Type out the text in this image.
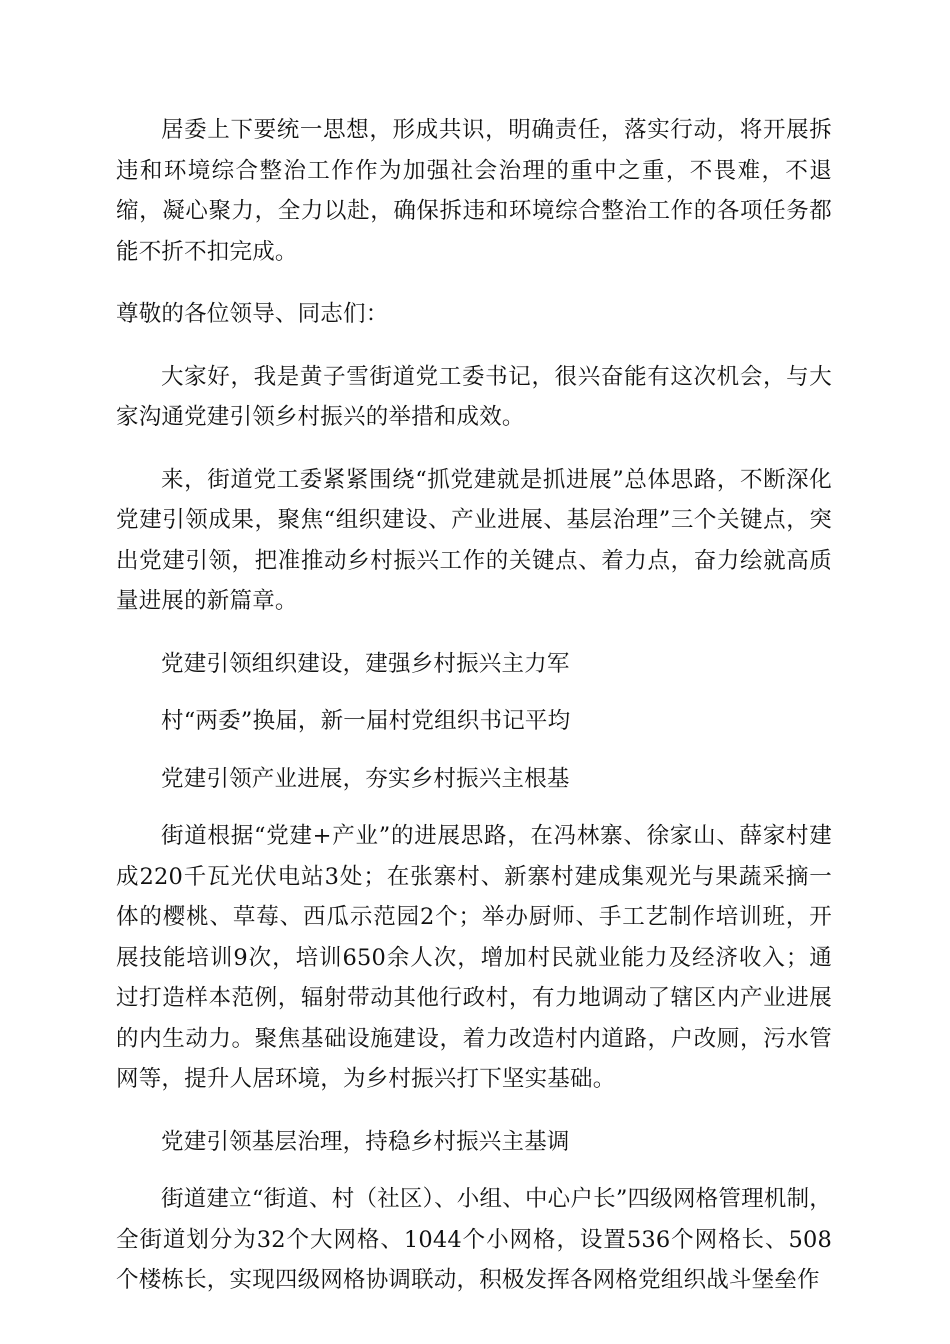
居委上下要统一思想，形成共识，明确责任，落实行动，将开展拆违和环境综合整治工作作为加强社会治理的重中之重，不畏难，不退缩，凝心聚力，全力以赴，确保拆违和环境综合整治工作的各项任务都能不折不扣完成。

尊敬的各位领导、同志们：

大家好，我是黄子雪街道党工委书记，很兴奋能有这次机会，与大家沟通党建引领乡村振兴的举措和成效。

来，街道党工委紧紧围绕“抓党建就是抓进展”总体思路，不断深化党建引领成果，聚焦“组织建设、产业进展、基层治理”三个关键点，突出党建引领，把准推动乡村振兴工作的关键点、着力点，奋力绘就高质量进展的新篇章。

党建引领组织建设，建强乡村振兴主力军

村“两委”换届，新一届村党组织书记平均

党建引领产业进展，夯实乡村振兴主根基

街道根据“党建+产业”的进展思路，在冯林寨、徐家山、薛家村建成220千瓦光伏电站3处；在张寨村、新寨村建成集观光与果蔬采摘一体的樱桃、草莓、西瓜示范园2个；举办厨师、手工艺制作培训班，开展技能培训9次，培训650余人次，增加村民就业能力及经济收入；通过打造样本范例，辐射带动其他行政村，有力地调动了辖区内产业进展的内生动力。聚焦基础设施建设，着力改造村内道路，户改厕，污水管网等，提升人居环境，为乡村振兴打下坚实基础。

党建引领基层治理，持稳乡村振兴主基调

街道建立“街道、村（社区）、小组、中心户长”四级网格管理机制，全街道划分为32个大网格、1044个小网格，设置536个网格长、508个楼栋长，实现四级网格协调联动，积极发挥各网格党组织战斗堡垒作
